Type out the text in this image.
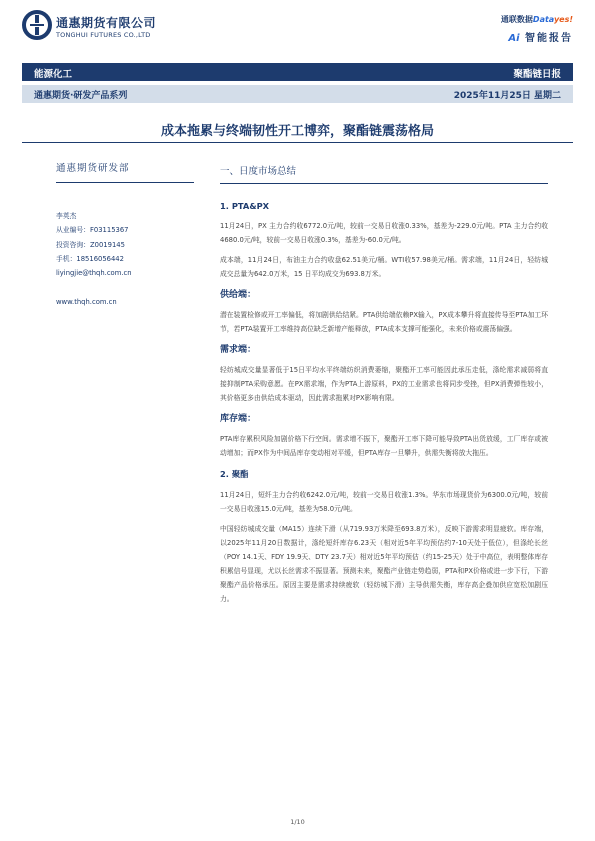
通惠期货有限公司
TONGHUI FUTURES CO.,LTD
通联数据Datayes!
Ai 智能报告
能源化工	聚酯链日报
通惠期货·研发产品系列	2025年11月25日 星期二
成本拖累与终端韧性开工博弈，聚酯链震荡格局
通惠期货研发部
李英杰
从业编号：F03115367
投资咨询：Z0019145
手机：18516056442
liyingjie@thqh.com.cn
www.thqh.com.cn
一、日度市场总结
1. PTA&PX
11月24日，PX 主力合约收6772.0元/吨，较前一交易日收涨0.33%，基差为-229.0元/吨。PTA 主力合约收4680.0元/吨，较前一交易日收涨0.3%，基差为-60.0元/吨。
成本端，11月24日，布油主力合约收盘62.51美元/桶。WTI收57.98美元/桶。需求端，11月24日，轻纺城成交总量为642.0万米，15 日平均成交为693.8万米。
供给端：
潜在装置检修或开工率偏低，将加剧供给结紧。PTA供给端依赖PX输入，PX成本攀升将直接传导至PTA加工环节，若PTA装置开工率维持高位缺乏新增产能释放，PTA成本支撑可能强化，未来价格或震荡偏强。
需求端：
轻纺城成交量显著低于15日平均水平终端纺织消费萎缩，聚酯开工率可能因此承压走低，涤纶需求减弱将直接抑制PTA采购意愿。在PX需求端，作为PTA上游原料，PX的工业需求也将同步受挫，但PX消费弹性较小，其价格更多由供给成本驱动，因此需求拖累对PX影响有限。
库存端：
PTA库存累积风险加剧价格下行空间。需求增不振下，聚酯开工率下降可能导致PTA出货放缓，工厂库存或被动增加；而PX作为中间品库存变动相对平缓，但PTA库存一旦攀升，供需失衡将放大拖压。
2. 聚酯
11月24日，短纤主力合约收6242.0元/吨，较前一交易日收涨1.3%。华东市场现货价为6300.0元/吨，较前一交易日收涨15.0元/吨，基差为58.0元/吨。
中国轻纺城成交量（MA15）连续下滑（从719.93万米降至693.8万米），反映下游需求明显疲软。库存端，以2025年11月20日数据计，涤纶短纤库存6.23天（相对近5年平均预估约7-10天处于低位），但涤纶长丝（POY 14.1天、FDY 19.9天、DTY 23.7天）相对近5年平均预估（约15-25天）处于中高位，表明整体库存积累信号显现，尤以长丝需求不振显著。预测未来，聚酯产业链走势趋弱，PTA和PX价格或进一步下行，下游聚酯产品价格承压。原因主要是需求持续疲软（轻纺城下滑）主导供需失衡，库存高企叠加供应宽松加剧压力。
1/10
